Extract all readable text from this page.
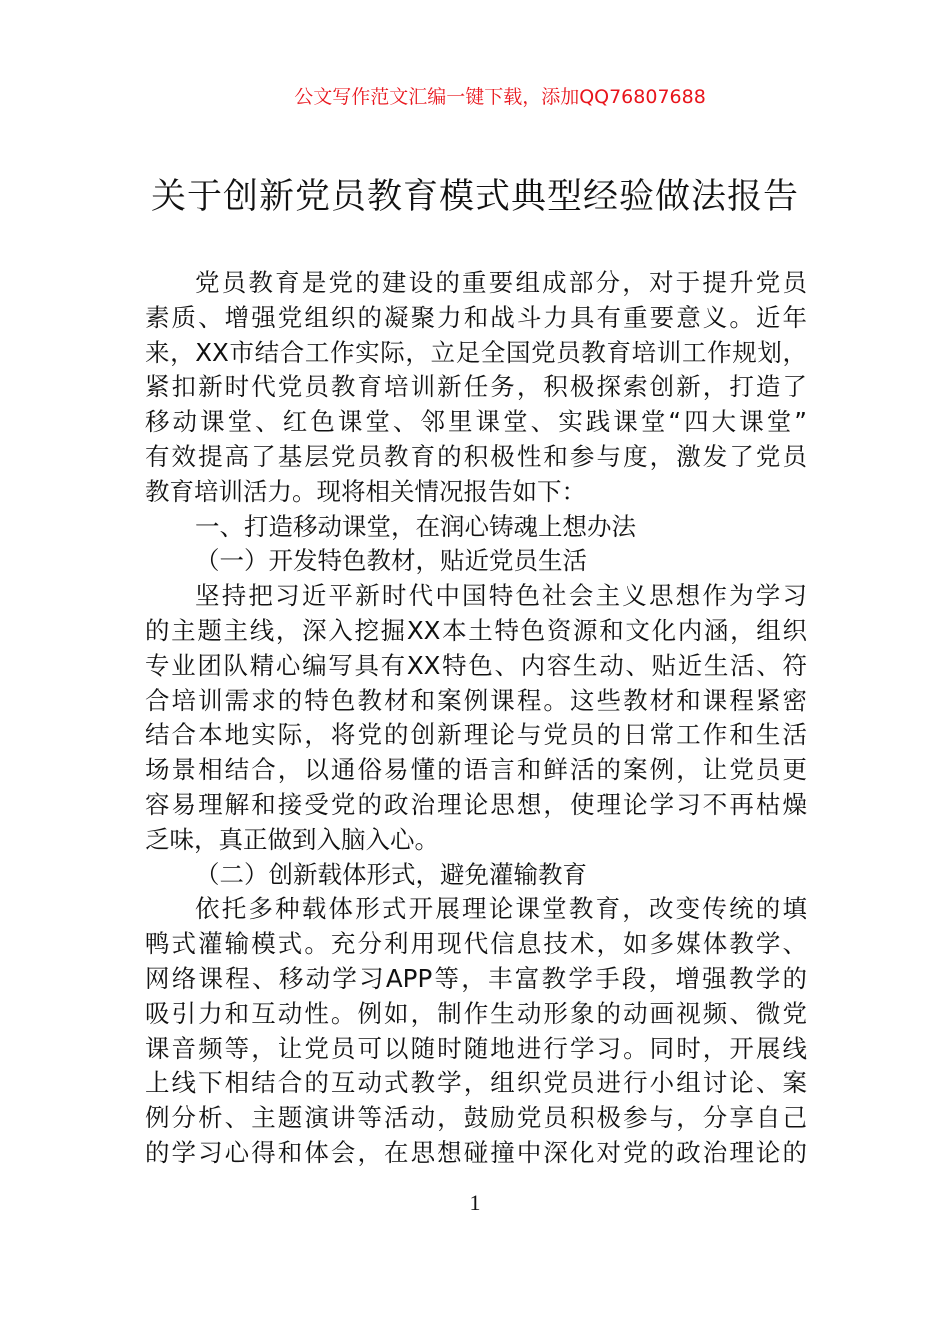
公文写作范文汇编一键下载，添加QQ76807688
关于创新党员教育模式典型经验做法报告
党员教育是党的建设的重要组成部分，对于提升党员
素质、增强党组织的凝聚力和战斗力具有重要意义。近年
来，XX市结合工作实际，立足全国党员教育培训工作规划，
紧扣新时代党员教育培训新任务，积极探索创新，打造了
移动课堂、红色课堂、邻里课堂、实践课堂“四大课堂”
有效提高了基层党员教育的积极性和参与度，激发了党员
教育培训活力。现将相关情况报告如下：
一、打造移动课堂，在润心铸魂上想办法
（一）开发特色教材，贴近党员生活
坚持把习近平新时代中国特色社会主义思想作为学习
的主题主线，深入挖掘XX本土特色资源和文化内涵，组织
专业团队精心编写具有XX特色、内容生动、贴近生活、符
合培训需求的特色教材和案例课程。这些教材和课程紧密
结合本地实际，将党的创新理论与党员的日常工作和生活
场景相结合，以通俗易懂的语言和鲜活的案例，让党员更
容易理解和接受党的政治理论思想，使理论学习不再枯燥
乏味，真正做到入脑入心。
（二）创新载体形式，避免灌输教育
依托多种载体形式开展理论课堂教育，改变传统的填
鸭式灌输模式。充分利用现代信息技术，如多媒体教学、
网络课程、移动学习APP等，丰富教学手段，增强教学的
吸引力和互动性。例如，制作生动形象的动画视频、微党
课音频等，让党员可以随时随地进行学习。同时，开展线
上线下相结合的互动式教学，组织党员进行小组讨论、案
例分析、主题演讲等活动，鼓励党员积极参与，分享自己
的学习心得和体会，在思想碰撞中深化对党的政治理论的
1
